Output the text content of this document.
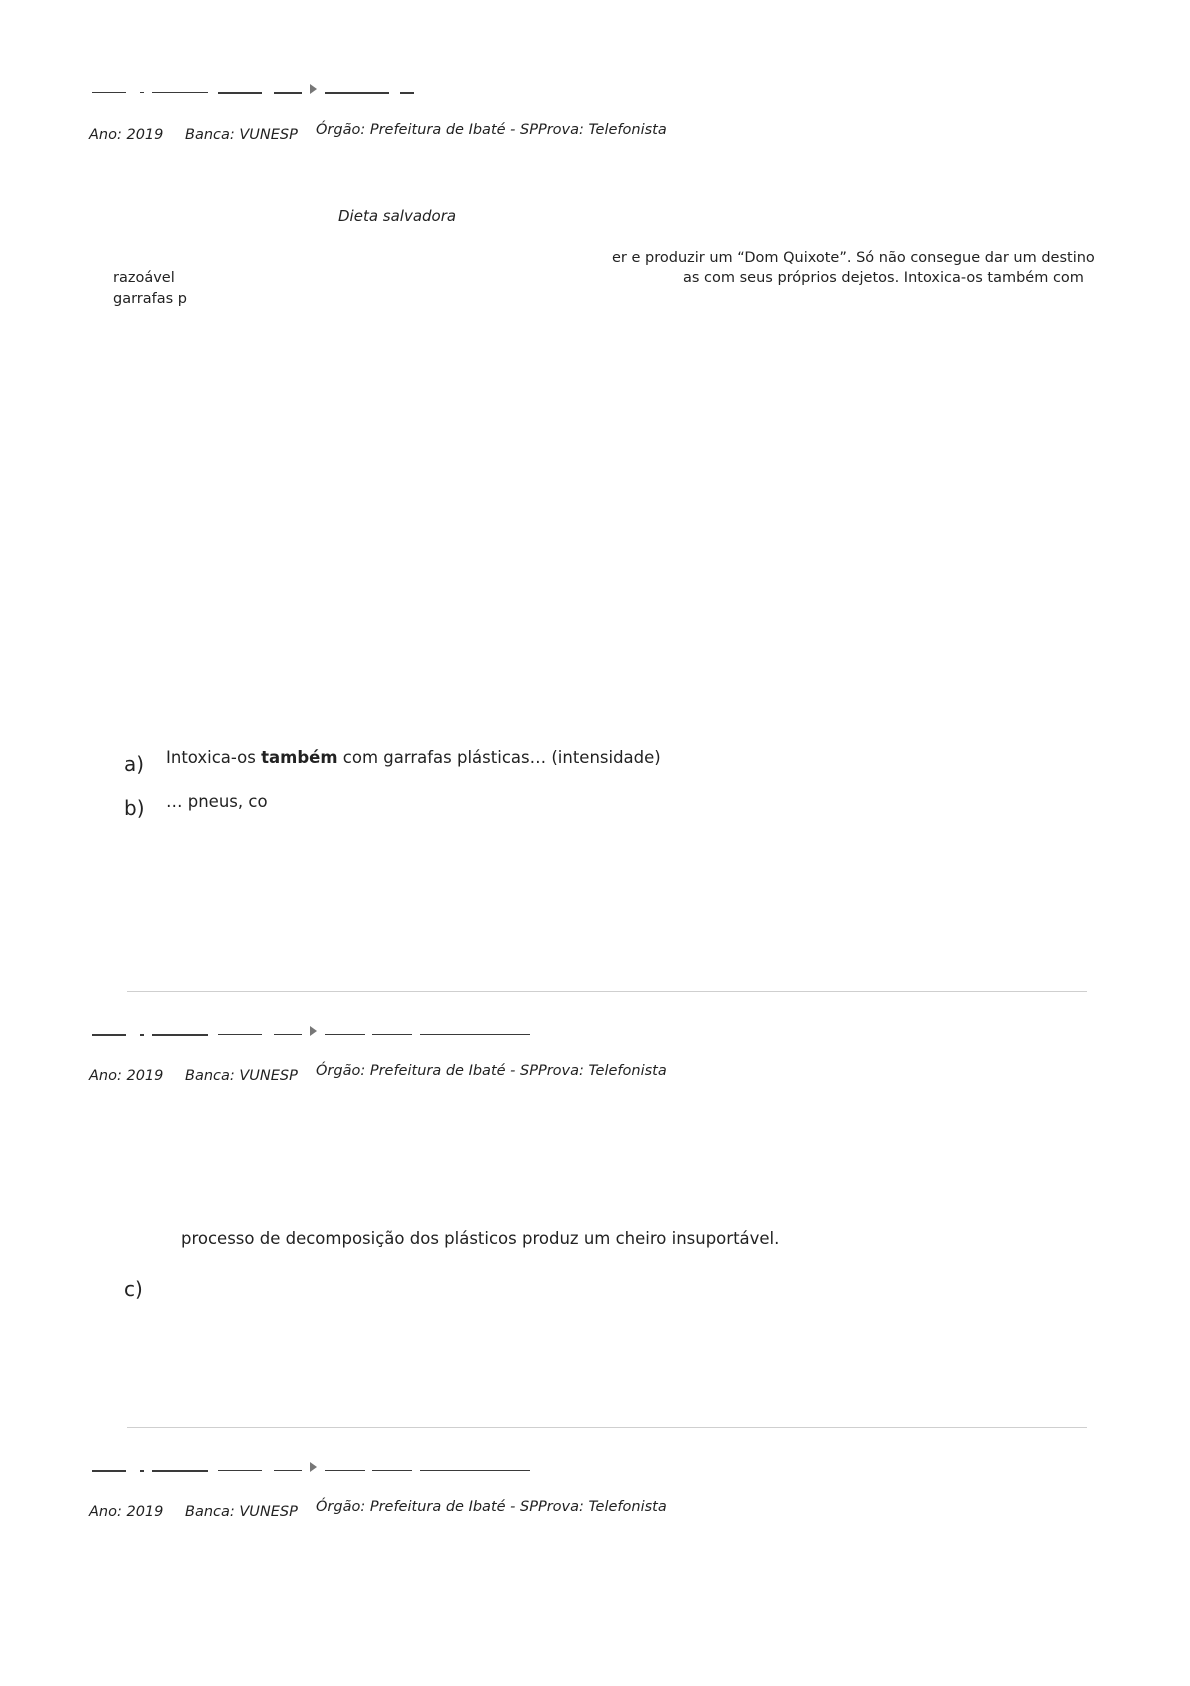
Ano: 2019 Banca: VUNESP Órgão: Prefeitura de Ibaté - SPProva: Telefonista
Dieta salvadora
er e produzir um “Dom Quixote”. Só não consegue dar um destino
razoável	as com seus próprios dejetos. Intoxica-os também com
garrafas p
a) Intoxica-os também com garrafas plásticas… (intensidade)
b) … pneus, co
Ano: 2019 Banca: VUNESP Órgão: Prefeitura de Ibaté - SPProva: Telefonista
processo de decomposição dos plásticos produz um cheiro insuportável.
c)
Ano: 2019 Banca: VUNESP Órgão: Prefeitura de Ibaté - SPProva: Telefonista
